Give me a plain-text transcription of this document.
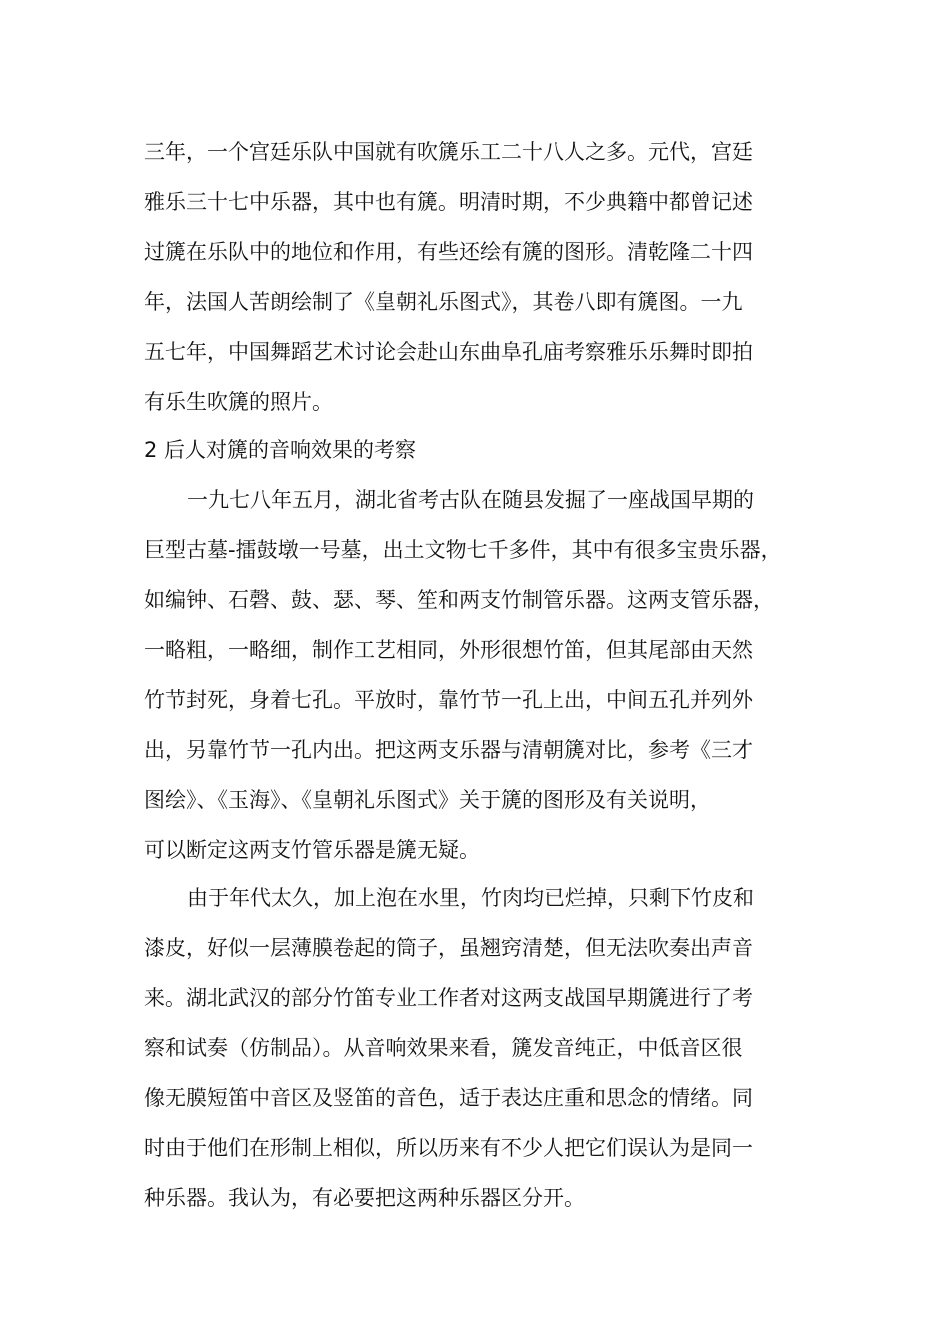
三年，一个宫廷乐队中国就有吹篪乐工二十八人之多。元代，宫廷
雅乐三十七中乐器，其中也有篪。明清时期，不少典籍中都曾记述
过篪在乐队中的地位和作用，有些还绘有篪的图形。清乾隆二十四
年，法国人苦朗绘制了《皇朝礼乐图式》，其卷八即有篪图。一九
五七年，中国舞蹈艺术讨论会赴山东曲阜孔庙考察雅乐乐舞时即拍
有乐生吹篪的照片。
2 后人对篪的音响效果的考察
一九七八年五月，湖北省考古队在随县发掘了一座战国早期的
巨型古墓-擂鼓墩一号墓，出土文物七千多件，其中有很多宝贵乐器，
如编钟、石磬、鼓、瑟、琴、笙和两支竹制管乐器。这两支管乐器，
一略粗，一略细，制作工艺相同，外形很想竹笛，但其尾部由天然
竹节封死，身着七孔。平放时，靠竹节一孔上出，中间五孔并列外
出，另靠竹节一孔内出。把这两支乐器与清朝篪对比，参考《三才
图绘》、《玉海》、《皇朝礼乐图式》关于篪的图形及有关说明，
可以断定这两支竹管乐器是篪无疑。
由于年代太久，加上泡在水里，竹肉均已烂掉，只剩下竹皮和
漆皮，好似一层薄膜卷起的筒子，虽翘窍清楚，但无法吹奏出声音
来。湖北武汉的部分竹笛专业工作者对这两支战国早期篪进行了考
察和试奏（仿制品）。从音响效果来看，篪发音纯正，中低音区很
像无膜短笛中音区及竖笛的音色，适于表达庄重和思念的情绪。同
时由于他们在形制上相似，所以历来有不少人把它们误认为是同一
种乐器。我认为，有必要把这两种乐器区分开。
